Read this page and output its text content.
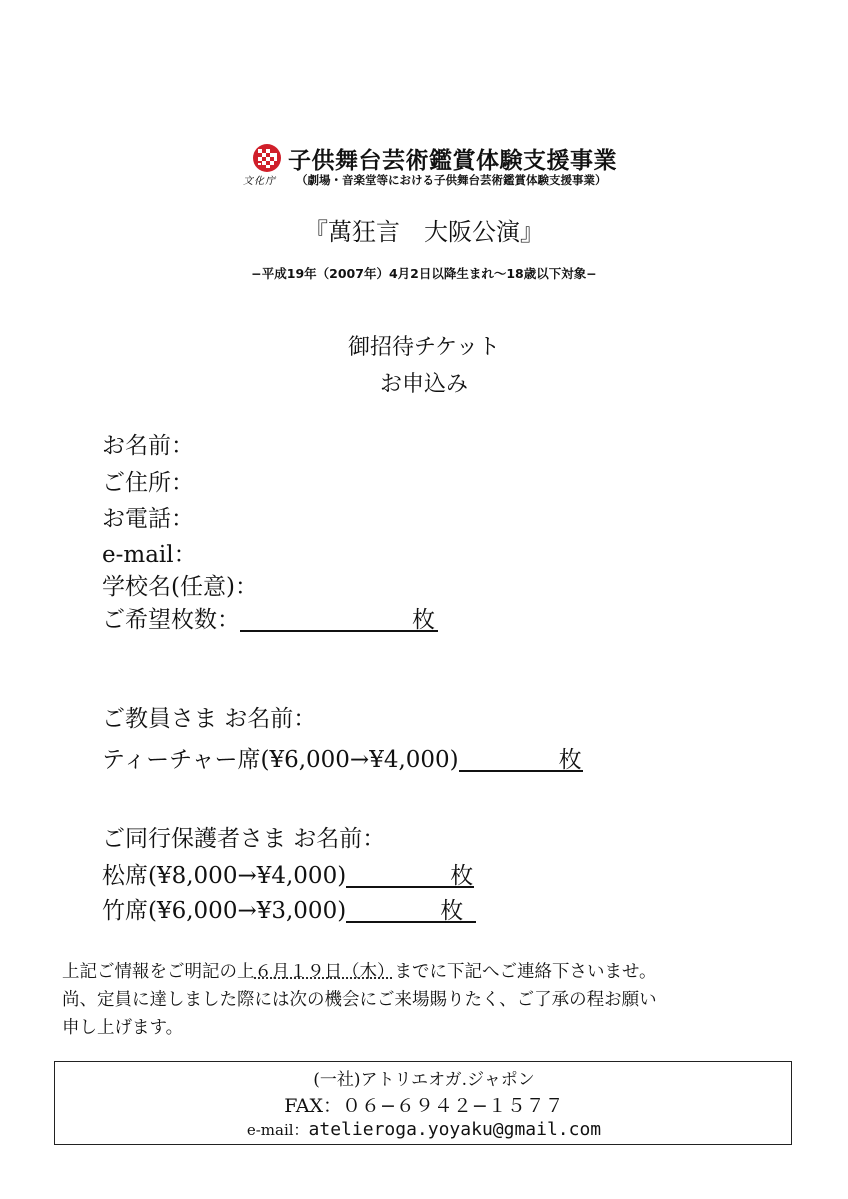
文化庁
子供舞台芸術鑑賞体験支援事業
（劇場・音楽堂等における子供舞台芸術鑑賞体験支援事業）
『萬狂言　大阪公演』
−平成19年（2007年）4月2日以降生まれ〜18歳以下対象−
御招待チケット
お申込み
お名前：
ご住所：
お電話：
e-mail：
学校名(任意)：
ご希望枚数：	枚
ご教員さま お名前：
ティーチャー席(¥6,000→¥4,000)	枚
ご同行保護者さま お名前：
松席(¥8,000→¥4,000)	枚
竹席(¥6,000→¥3,000)	枚
上記ご情報をご明記の上６月１９日（木）までに下記へご連絡下さいませ。
尚、定員に達しました際には次の機会にご来場賜りたく、ご了承の程お願い
申し上げます。
(一社)アトリエオガ.ジャポン
FAX：０６−６９４２−１５７７
e-mail：atelieroga.yoyaku@gmail.com
